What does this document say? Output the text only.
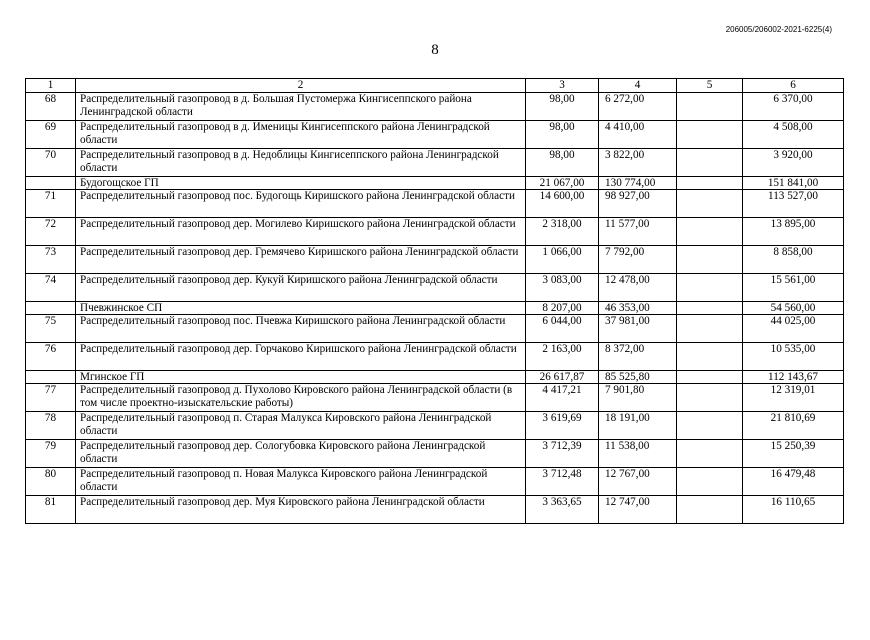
206005/206002-2021-6225(4)
8
1	2	3	4	5	6
68	Распределительный газопровод в д. Большая Пустомержа Кингисеппского района Ленинградской области	98,00	6 272,00		6 370,00
69	Распределительный газопровод в д. Именицы Кингисеппского района Ленинградской области	98,00	4 410,00		4 508,00
70	Распределительный газопровод в д. Недоблицы Кингисеппского района Ленинградской области	98,00	3 822,00		3 920,00
	Будогощское ГП	21 067,00	130 774,00		151 841,00
71	Распределительный газопровод пос. Будогощь Киришского района Ленинградской области	14 600,00	98 927,00		113 527,00
72	Распределительный газопровод дер. Могилево Киришского района Ленинградской области	2 318,00	11 577,00		13 895,00
73	Распределительный газопровод дер. Гремячево Киришского района Ленинградской области	1 066,00	7 792,00		8 858,00
74	Распределительный газопровод дер. Кукуй Киришского района Ленинградской области	3 083,00	12 478,00		15 561,00
	Пчевжинское СП	8 207,00	46 353,00		54 560,00
75	Распределительный газопровод пос. Пчевжа Киришского района Ленинградской области	6 044,00	37 981,00		44 025,00
76	Распределительный газопровод дер. Горчаково Киришского района Ленинградской области	2 163,00	8 372,00		10 535,00
	Мгинское ГП	26 617,87	85 525,80		112 143,67
77	Распределительный газопровод д. Пухолово Кировского района Ленинградской области (в том числе проектно-изыскательские работы)	4 417,21	7 901,80		12 319,01
78	Распределительный газопровод п. Старая Малукса Кировского района Ленинградской области	3 619,69	18 191,00		21 810,69
79	Распределительный газопровод дер. Сологубовка Кировского района Ленинградской области	3 712,39	11 538,00		15 250,39
80	Распределительный газопровод п. Новая Малукса Кировского района Ленинградской области	3 712,48	12 767,00		16 479,48
81	Распределительный газопровод дер. Муя Кировского района Ленинградской области	3 363,65	12 747,00		16 110,65
